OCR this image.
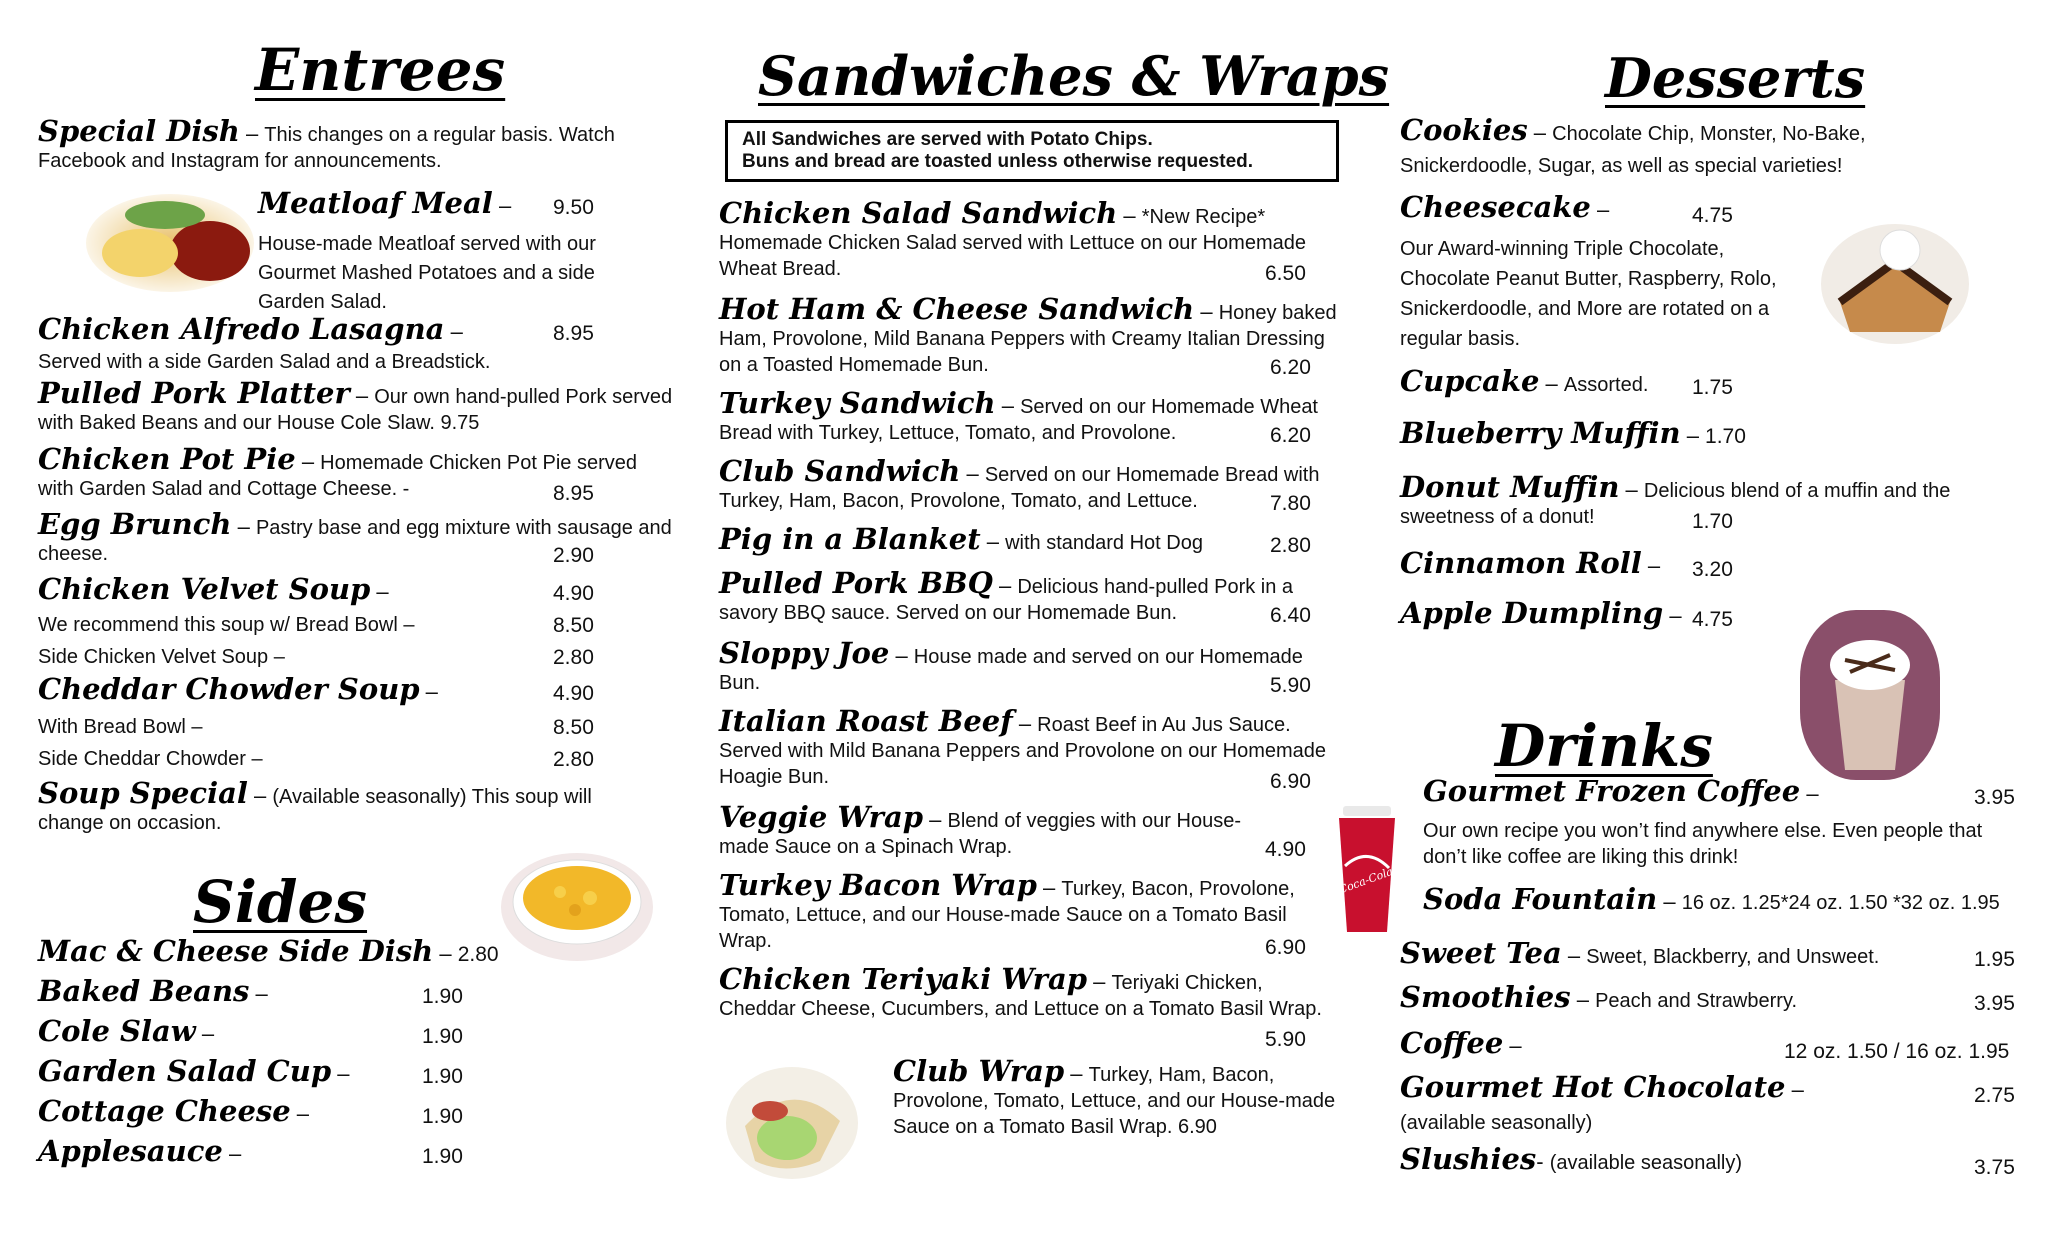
Entrees
Special Dish – This changes on a regular basis. Watch Facebook and Instagram for announcements.
Meatloaf Meal –	9.50
House-made Meatloaf served with our Gourmet Mashed Potatoes and a side Garden Salad.
Chicken Alfredo Lasagna –	8.95
Served with a side Garden Salad and a Breadstick.
Pulled Pork Platter – Our own hand-pulled Pork served with Baked Beans and our House Cole Slaw. 9.75
Chicken Pot Pie – Homemade Chicken Pot Pie served with Garden Salad and Cottage Cheese. -	8.95
Egg Brunch – Pastry base and egg mixture with sausage and cheese.	2.90
Chicken Velvet Soup –	4.90
We recommend this soup w/ Bread Bowl –	8.50
Side Chicken Velvet Soup –	2.80
Cheddar Chowder Soup –	4.90
With Bread Bowl –	8.50
Side Cheddar Chowder –	2.80
Soup Special – (Available seasonally) This soup will change on occasion.
Sides
Mac & Cheese Side Dish – 2.80
Baked Beans –	1.90
Cole Slaw –	1.90
Garden Salad Cup –	1.90
Cottage Cheese –	1.90
Applesauce –	1.90
Sandwiches & Wraps
All Sandwiches are served with Potato Chips.
Buns and bread are toasted unless otherwise requested.
Chicken Salad Sandwich – *New Recipe* Homemade Chicken Salad served with Lettuce on our Homemade Wheat Bread.	6.50
Hot Ham & Cheese Sandwich – Honey baked Ham, Provolone, Mild Banana Peppers with Creamy Italian Dressing on a Toasted Homemade Bun.	6.20
Turkey Sandwich – Served on our Homemade Wheat Bread with Turkey, Lettuce, Tomato, and Provolone.	6.20
Club Sandwich – Served on our Homemade Bread with Turkey, Ham, Bacon, Provolone, Tomato, and Lettuce.	7.80
Pig in a Blanket – with standard Hot Dog	2.80
Pulled Pork BBQ – Delicious hand-pulled Pork in a savory BBQ sauce. Served on our Homemade Bun.	6.40
Sloppy Joe – House made and served on our Homemade Bun.	5.90
Italian Roast Beef – Roast Beef in Au Jus Sauce. Served with Mild Banana Peppers and Provolone on our Homemade Hoagie Bun.	6.90
Veggie Wrap – Blend of veggies with our House-made Sauce on a Spinach Wrap.	4.90
Turkey Bacon Wrap – Turkey, Bacon, Provolone, Tomato, Lettuce, and our House-made Sauce on a Tomato Basil Wrap.	6.90
Chicken Teriyaki Wrap – Teriyaki Chicken, Cheddar Cheese, Cucumbers, and Lettuce on a Tomato Basil Wrap.
5.90
Club Wrap – Turkey, Ham, Bacon, Provolone, Tomato, Lettuce, and our House-made Sauce on a Tomato Basil Wrap. 6.90
Desserts
Cookies – Chocolate Chip, Monster, No-Bake, Snickerdoodle, Sugar, as well as special varieties!
Cheesecake –	4.75
Our Award-winning Triple Chocolate, Chocolate Peanut Butter, Raspberry, Rolo, Snickerdoodle, and More are rotated on a regular basis.
Cupcake – Assorted. 1.75
Blueberry Muffin – 1.70
Donut Muffin – Delicious blend of a muffin and the sweetness of a donut!	1.70
Cinnamon Roll – 3.20
Apple Dumpling – 4.75
Drinks
Coca-Cola
Gourmet Frozen Coffee –	3.95
Our own recipe you won’t find anywhere else. Even people that don’t like coffee are liking this drink!
Soda Fountain – 16 oz. 1.25*24 oz. 1.50 *32 oz. 1.95
Sweet Tea – Sweet, Blackberry, and Unsweet.	1.95
Smoothies – Peach and Strawberry.	3.95
Coffee –	12 oz. 1.50 / 16 oz. 1.95
Gourmet Hot Chocolate –	2.75
(available seasonally)
Slushies- (available seasonally)	3.75
